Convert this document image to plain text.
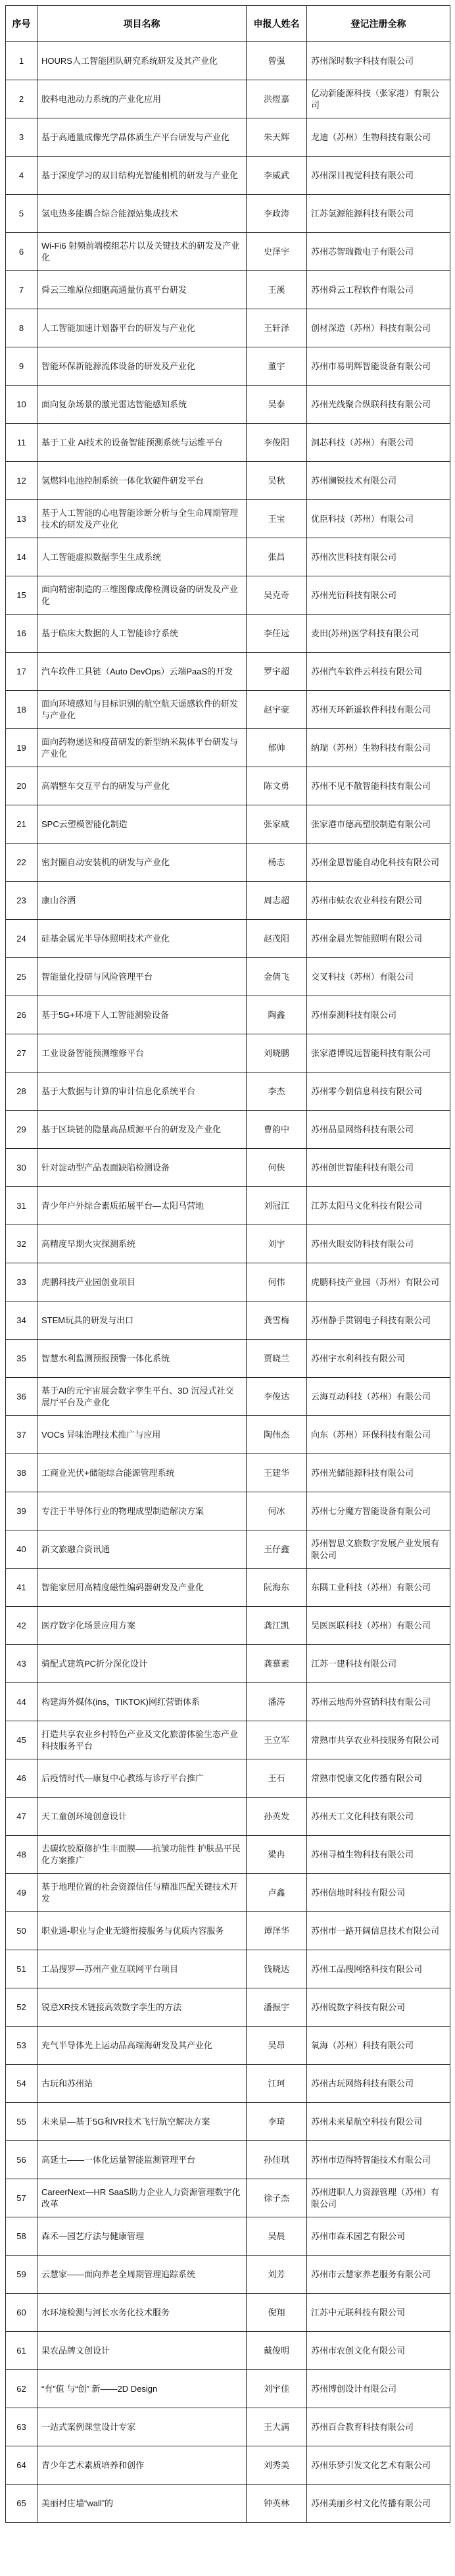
序号	项目名称	申报人姓名	登记注册全称
1	HOURS人工智能团队研究系统研发及其产业化	曾强	苏州深时数字科技有限公司
2	胶料电池动力系统的产业化应用	洪煜嘉	亿动新能源科技（张家港）有限公司
3	基于高通量成像光学晶体质生产平台研发与产业化	朱天辉	龙迪（苏州）生物科技有限公司
4	基于深度学习的双目结构光智能相机的研发与产业化	李威武	苏州深目视觉科技有限公司
5	氢电热多能耦合综合能源站集成技术	李政涛	江苏氢源能源科技有限公司
6	Wi-Fi6 射频前端模组芯片以及关键技术的研发及产业化	史泽宇	苏州芯智瑞微电子有限公司
7	舜云三维原位细胞高通量仿真平台研发	王溪	苏州舜云工程软件有限公司
8	人工智能加速计划器平台的研发与产业化	王轩泽	创材深造（苏州）科技有限公司
9	智能环保新能源流体设备的研发及产业化	董宇	苏州市易明辉智能设备有限公司
10	面向复杂场景的激光雷达智能感知系统	吴泰	苏州光线聚合纵联科技有限公司
11	基于工业 AI技术的设备智能预测系统与运维平台	李俊阳	洞芯科技（苏州）有限公司
12	氢燃料电池控制系统一体化软硬件研发平台	吴秋	苏州澜锐技术有限公司
13	基于人工智能的心电智能诊断分析与全生命周期管理技术的研发及产业化	王宝	优臣科技（苏州）有限公司
14	人工智能虚拟数据孪生生成系统	张昌	苏州次世科技有限公司
15	面向精密制造的三维图像成像检测设备的研发及产业化	吴克奇	苏州光衍科技有限公司
16	基于临床大数据的人工智能诊疗系统	李任远	麦田(苏州)医学科技有限公司
17	汽车软件工具链（Auto DevOps）云端PaaS的开发	罗宇超	苏州汽车软件云科技有限公司
18	面向环境感知与目标识别的航空航天遥感软件的研发与产业化	赵宇豪	苏州天环新遥软件科技有限公司
19	面向药物递送和疫苗研发的新型纳米载体平台研发与产业化	郁帅	纳瑞（苏州）生物科技有限公司
20	高端整车交互平台的研发与产业化	陈文勇	苏州不见不散智能科技有限公司
21	SPC云塑模智能化制造	张家威	张家港市德高塑胶制造有限公司
22	密封圈自动安装机的研发与产业化	杨志	苏州金恩智能自动化科技有限公司
23	康山谷酒	周志超	苏州市蚨农农业科技有限公司
24	硅基金属光半导体照明技术产业化	赵茂阳	苏州金晨光智能照明有限公司
25	智能量化投研与风险管理平台	金倩飞	交叉科技（苏州）有限公司
26	基于5G+环境下人工智能测验设备	陶鑫	苏州泰测科技有限公司
27	工业设备智能预测维修平台	刘晓鹏	张家港博锐远智能科技有限公司
28	基于大数据与计算的审计信息化系统平台	李杰	苏州零今朝信息科技有限公司
29	基于区块链的隐量高品质源平台的研发及产业化	曹韵中	苏州品星网络科技有限公司
30	针对淀动型产品表面缺陷检测设备	何侠	苏州创世智能科技有限公司
31	青少年户外综合素质拓展平台—太阳马营地	刘冠江	江苏太阳马文化科技有限公司
32	高精度早期火灾探测系统	刘宇	苏州火眼安防科技有限公司
33	虎鹏科技产业园创业项目	何伟	虎鹏科技产业园（苏州）有限公司
34	STEM玩具的研发与出口	龚雪梅	苏州静手贯钢电子科技有限公司
35	智慧水利监测预报预警一体化系统	贾晓兰	苏州宇水利科技有限公司
36	基于AI的元宇宙展会数字孪生平台、3D 沉浸式社交展厅平台及产业化	李俊达	云海互动科技（苏州）有限公司
37	VOCs 异味治理技术推广与应用	陶伟杰	向东（苏州）环保科技有限公司
38	工商业光伏+储能综合能源管理系统	王建华	苏州光储能源科技有限公司
39	专注于半导体行业的物理成型制造解决方案	何冰	苏州七分魔方智能设备有限公司
40	新文旅融合资讯通	王仔鑫	苏州智思文旅数字发展产业发展有限公司
41	智能家居用高精度磁性编码器研发及产业化	阮海东	东隅工业科技（苏州）有限公司
42	医疗数字化场景应用方案	龚江凯	吴医医联科技（苏州）有限公司
43	骑配式建筑PC折分深化设计	龚慕素	江苏一建科技有限公司
44	构建海外媒体(ins，TIKTOK)网红营销体系	潘涛	苏州云地海外营销科技有限公司
45	打造共享农业乡村特色产业及文化旅游体验生态产业科技服务平台	王立军	常熟市共享农业科技服务有限公司
46	后疫情时代—康复中心教练与诊疗平台推广	王石	常熟市悦康文化传播有限公司
47	天工童创环境创意设计	孙英发	苏州天工文化科技有限公司
48	去碳软胶原修护生丰面膜——抗皱功能性 护肤品平民化方案推广	梁冉	苏州寻植生物科技有限公司
49	基于地理位置的社会资源信任与精准匹配关键技术开发	卢鑫	苏州信地时科技有限公司
50	职业通-职业与企业无缝衔接服务与优质内容服务	谭泽华	苏州市一路开阔信息技术有限公司
51	工品搜罗—苏州产业互联网平台项目	钱晓达	苏州工品搜网络科技有限公司
52	锐意XR技术链接高效数字孪生的方法	潘振宇	苏州锐数字科技有限公司
53	充气半导体光上运动品高端海研发及其产业化	吴昂	氧海（苏州）科技有限公司
54	古玩和苏州站	江珂	苏州古玩网络科技有限公司
55	未来星—基于5G和VR技术飞行航空解决方案	李琦	苏州未来星航空科技有限公司
56	高延士——一体化运量智能监测管理平台	孙佳琪	苏州市迈得特智能技术有限公司
57	CareerNext—HR SaaS助力企业人力资源管理数字化改革	徐子杰	苏州进职人力资源管理（苏州）有限公司
58	森禾—园艺疗法与健康管理	吴晨	苏州市森禾园艺有限公司
59	云慧家——面向养老全周期管理追踪系统	刘芳	苏州市云慧家养老服务有限公司
60	水环境检测与河长水务化技术服务	倪翔	江苏中元联科技有限公司
61	果农品牌文创设计	戴俊明	苏州市农创文化有限公司
62	“有”值 与“创” 新——2D Design	刘宇佳	苏州博创设计有限公司
63	一站式案例课堂设计专家	王大满	苏州百合教育科技有限公司
64	青少年艺术素质培养和创作	刘秀美	苏州乐梦引发文化艺术有限公司
65	美丽村庄墙“wall”的	钟英林	苏州美丽乡村文化传播有限公司
